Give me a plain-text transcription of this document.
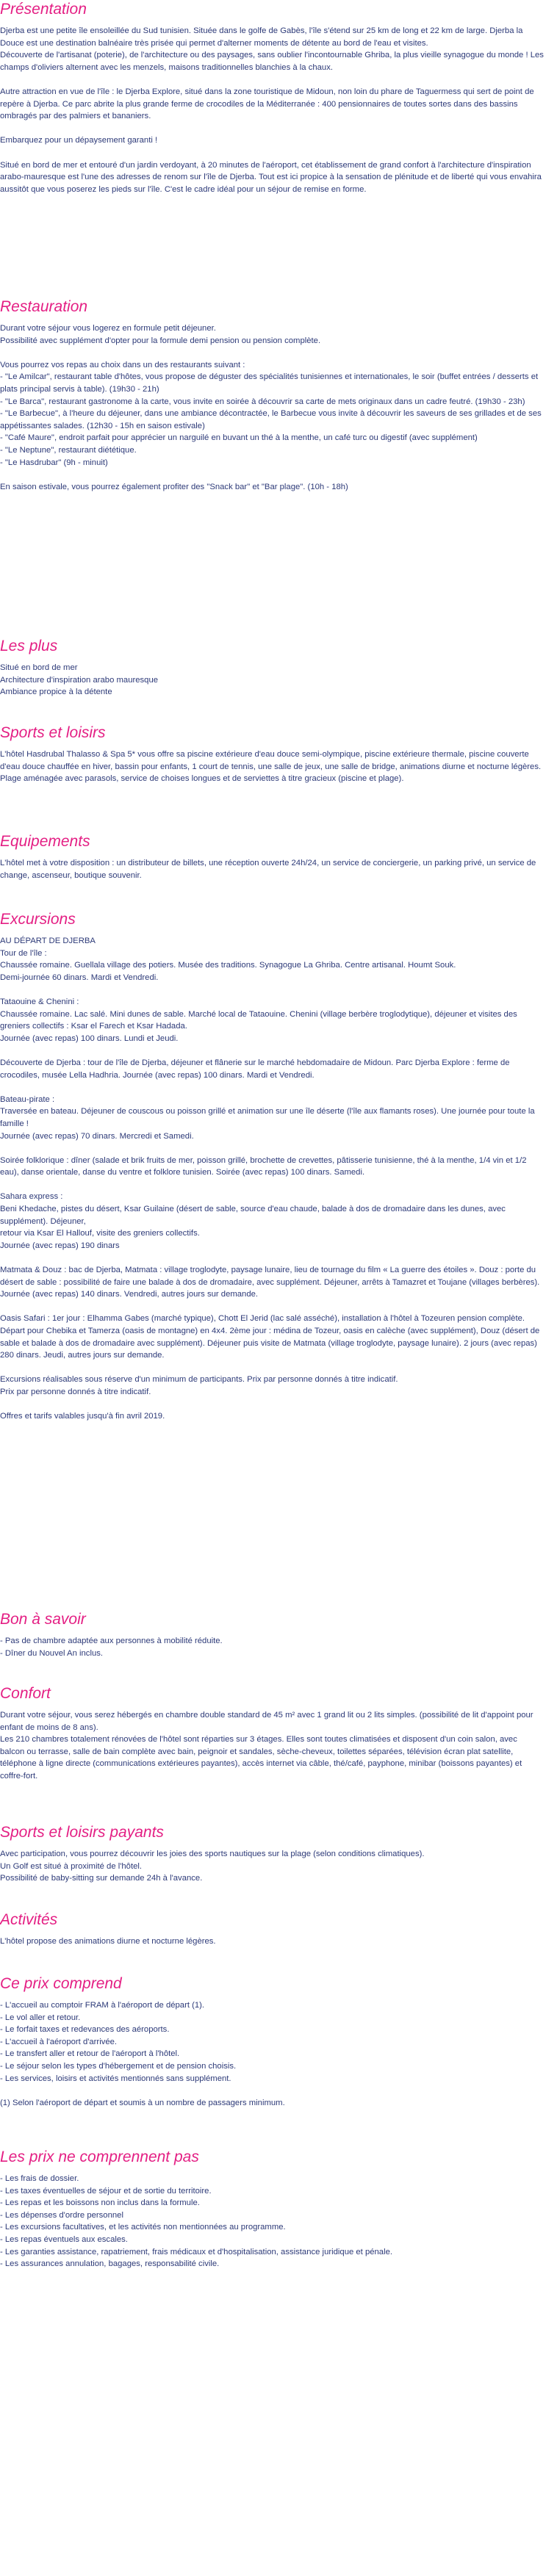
Présentation

Djerba est une petite île ensoleillée du Sud tunisien. Située dans le golfe de Gabès, l'île s'étend sur 25 km de long et 22 km de large. Djerba la Douce est une destination balnéaire très prisée qui permet d'alterner moments de détente au bord de l'eau et visites.

Découverte de l'artisanat (poterie), de l'architecture ou des paysages, sans oublier l'incontournable Ghriba, la plus vieille synagogue du monde ! Les champs d'oliviers alternent avec les menzels, maisons traditionnelles blanchies à la chaux.

Autre attraction en vue de l'île : le Djerba Explore, situé dans la zone touristique de Midoun, non loin du phare de Taguermess qui sert de point de repère à Djerba. Ce parc abrite la plus grande ferme de crocodiles de la Méditerranée : 400 pensionnaires de toutes sortes dans des bassins ombragés par des palmiers et bananiers.

Embarquez pour un dépaysement garanti !

Situé en bord de mer et entouré d'un jardin verdoyant, à 20 minutes de l'aéroport, cet établissement de grand confort à l'architecture d'inspiration arabo-mauresque est l'une des adresses de renom sur l'île de Djerba. Tout est ici propice à la sensation de plénitude et de liberté qui vous envahira aussitôt que vous poserez les pieds sur l'île. C'est le cadre idéal pour un séjour de remise en forme.

Restauration

Durant votre séjour vous logerez en formule petit déjeuner.

Possibilité avec supplément d'opter pour la formule demi pension ou pension complète.

Vous pourrez vos repas au choix dans un des restaurants suivant :

- "Le Amilcar", restaurant table d'hôtes, vous propose de déguster des spécialités tunisiennes et internationales, le soir (buffet entrées / desserts et plats principal servis à table). (19h30 - 21h)

- "Le Barca", restaurant gastronome à la carte, vous invite en soirée à découvrir sa carte de mets originaux dans un cadre feutré. (19h30 - 23h)

- "Le Barbecue", à l'heure du déjeuner, dans une ambiance décontractée, le Barbecue vous invite à découvrir les saveurs de ses grillades et de ses appétissantes salades. (12h30 - 15h en saison estivale)

- "Café Maure", endroit parfait pour apprécier un narguilé en buvant un thé à la menthe, un café turc ou digestif (avec supplément)

- "Le Neptune", restaurant diététique.

- "Le Hasdrubar" (9h - minuit)

En saison estivale, vous pourrez également profiter des "Snack bar" et "Bar plage". (10h - 18h)

Les plus

Situé en bord de mer

Architecture d'inspiration arabo mauresque

Ambiance propice à la détente

Sports et loisirs

L'hôtel Hasdrubal Thalasso & Spa 5* vous offre sa piscine extérieure d'eau douce semi-olympique, piscine extérieure thermale, piscine couverte d'eau douce chauffée en hiver, bassin pour enfants, 1 court de tennis, une salle de jeux, une salle de bridge, animations diurne et nocturne légères. Plage aménagée avec parasols, service de choises longues et de serviettes à titre gracieux (piscine et plage).

Equipements

L'hôtel met à votre disposition : un distributeur de billets, une réception ouverte 24h/24, un service de conciergerie, un parking privé, un service de change, ascenseur, boutique souvenir.

Excursions

AU DÉPART DE DJERBA

Tour de l'île :

Chaussée romaine. Guellala village des potiers. Musée des traditions. Synagogue La Ghriba. Centre artisanal. Houmt Souk.

Demi-journée 60 dinars. Mardi et Vendredi.

Tataouine & Chenini :

Chaussée romaine. Lac salé. Mini dunes de sable. Marché local de Tataouine. Chenini (village berbère troglodytique), déjeuner et visites des greniers collectifs : Ksar el Farech et Ksar Hadada.

Journée (avec repas) 100 dinars. Lundi et Jeudi.

Découverte de Djerba : tour de l'île de Djerba, déjeuner et flânerie sur le marché hebdomadaire de Midoun. Parc Djerba Explore : ferme de crocodiles, musée Lella Hadhria. Journée (avec repas) 100 dinars. Mardi et Vendredi.

Bateau-pirate :

Traversée en bateau. Déjeuner de couscous ou poisson grillé et animation sur une île déserte (l'île aux flamants roses). Une journée pour toute la famille !

Journée (avec repas) 70 dinars. Mercredi et Samedi.

Soirée folklorique : dîner (salade et brik fruits de mer, poisson grillé, brochette de crevettes, pâtisserie tunisienne, thé à la menthe, 1/4 vin et 1/2 eau), danse orientale, danse du ventre et folklore tunisien. Soirée (avec repas) 100 dinars. Samedi.

Sahara express :

Beni Khedache, pistes du désert, Ksar Guilaine (désert de sable, source d'eau chaude, balade à dos de dromadaire dans les dunes, avec supplément). Déjeuner,

retour via Ksar El Hallouf, visite des greniers collectifs.

Journée (avec repas) 190 dinars

Matmata & Douz : bac de Djerba, Matmata : village troglodyte, paysage lunaire, lieu de tournage du film « La guerre des étoiles ». Douz : porte du désert de sable : possibilité de faire une balade à dos de dromadaire, avec supplément. Déjeuner, arrêts à Tamazret et Toujane (villages berbères). Journée (avec repas) 140 dinars. Vendredi, autres jours sur demande.

Oasis Safari : 1er jour : Elhamma Gabes (marché typique), Chott El Jerid (lac salé asséché), installation à l'hôtel à Tozeuren pension complète. Départ pour Chebika et Tamerza (oasis de montagne) en 4x4. 2ème jour : médina de Tozeur, oasis en calèche (avec supplément), Douz (désert de sable et balade à dos de dromadaire avec supplément). Déjeuner puis visite de Matmata (village troglodyte, paysage lunaire). 2 jours (avec repas) 280 dinars. Jeudi, autres jours sur demande.

Excursions réalisables sous réserve d'un minimum de participants. Prix par personne donnés à titre indicatif.

Prix par personne donnés à titre indicatif.

Offres et tarifs valables jusqu'à fin avril 2019.

Bon à savoir

- Pas de chambre adaptée aux personnes à mobilité réduite.

- Dîner du Nouvel An inclus.

Confort

Durant votre séjour, vous serez hébergés en chambre double standard de 45 m² avec 1 grand lit ou 2 lits simples. (possibilité de lit d'appoint pour enfant de moins de 8 ans).

Les 210 chambres totalement rénovées de l'hôtel sont réparties sur 3 étages. Elles sont toutes climatisées et disposent d'un coin salon, avec balcon ou terrasse, salle de bain complète avec bain, peignoir et sandales, sèche-cheveux, toilettes séparées, télévision écran plat satellite, téléphone à ligne directe (communications extérieures payantes), accès internet via câble, thé/café, payphone, minibar (boissons payantes) et coffre-fort.

Sports et loisirs payants

Avec participation, vous pourrez découvrir les joies des sports nautiques sur la plage (selon conditions climatiques).

Un Golf est situé à proximité de l'hôtel.

Possibilité de baby-sitting sur demande 24h à l'avance.

Activités

L'hôtel propose des animations diurne et nocturne légères.

Ce prix comprend

- L'accueil au comptoir FRAM à l'aéroport de départ (1).

- Le vol aller et retour.

- Le forfait taxes et redevances des aéroports.

- L'accueil à l'aéroport d'arrivée.

- Le transfert aller et retour de l'aéroport à l'hôtel.

- Le séjour selon les types d'hébergement et de pension choisis.

- Les services, loisirs et activités mentionnés sans supplément.

(1) Selon l'aéroport de départ et soumis à un nombre de passagers minimum.

Les prix ne comprennent pas

- Les frais de dossier.

- Les taxes éventuelles de séjour et de sortie du territoire.

- Les repas et les boissons non inclus dans la formule.

- Les dépenses d'ordre personnel

- Les excursions facultatives, et les activités non mentionnées au programme.

- Les repas éventuels aux escales.

- Les garanties assistance, rapatriement, frais médicaux et d'hospitalisation, assistance juridique et pénale.

- Les assurances annulation, bagages, responsabilité civile.
